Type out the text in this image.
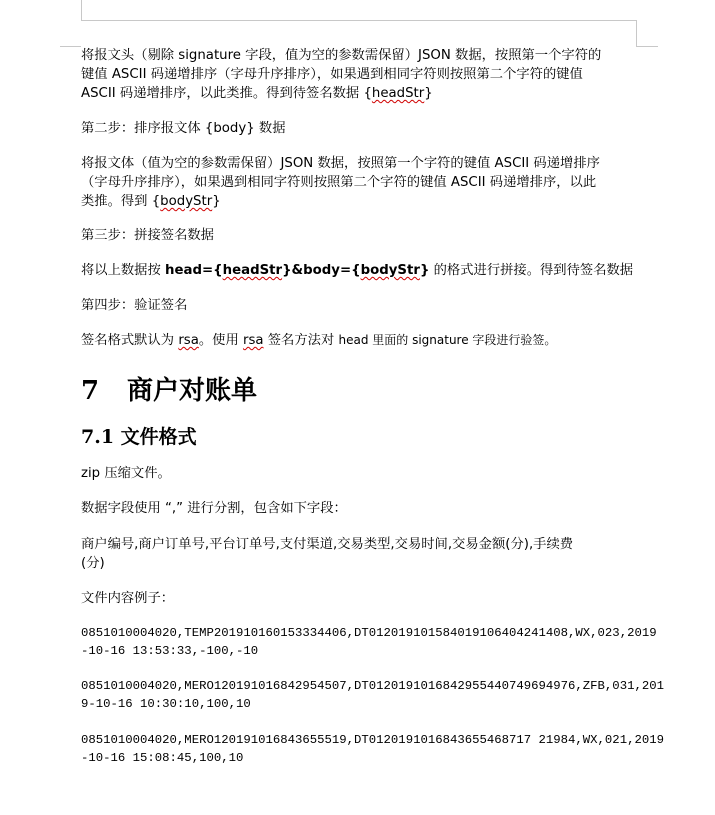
将报文头（剔除 signature 字段，值为空的参数需保留）JSON 数据，按照第一个字符的
键值 ASCII 码递增排序（字母升序排序），如果遇到相同字符则按照第二个字符的键值
ASCII 码递增排序，以此类推。得到待签名数据 {headStr}
第二步：排序报文体 {body} 数据
将报文体（值为空的参数需保留）JSON 数据，按照第一个字符的键值 ASCII 码递增排序
（字母升序排序），如果遇到相同字符则按照第二个字符的键值 ASCII 码递增排序，以此
类推。得到 {bodyStr}
第三步：拼接签名数据
将以上数据按 head={headStr}&body={bodyStr} 的格式进行拼接。得到待签名数据
第四步：验证签名
签名格式默认为 rsa。使用 rsa 签名方法对 head 里面的 signature 字段进行验签。
7 商户对账单
7.1 文件格式
zip 压缩文件。
数据字段使用 “,” 进行分割，包含如下字段：
商户编号,商户订单号,平台订单号,支付渠道,交易类型,交易时间,交易金额(分),手续费
(分)
文件内容例子：
0851010004020,TEMP201910160153334406,DT0120191015840191064042414​08,WX,023,2019
-10-16 13:53:33,-100,-10
0851010004020,MERO120191016842954507,DT0120191016842955440749694976,ZFB,031,201
9-10-16 10:30:10,100,10
0851010004020,MERO120191016843655519,DT0120191016843655468717 21984,WX,021,2019
-10-16 15:08:45,100,10
